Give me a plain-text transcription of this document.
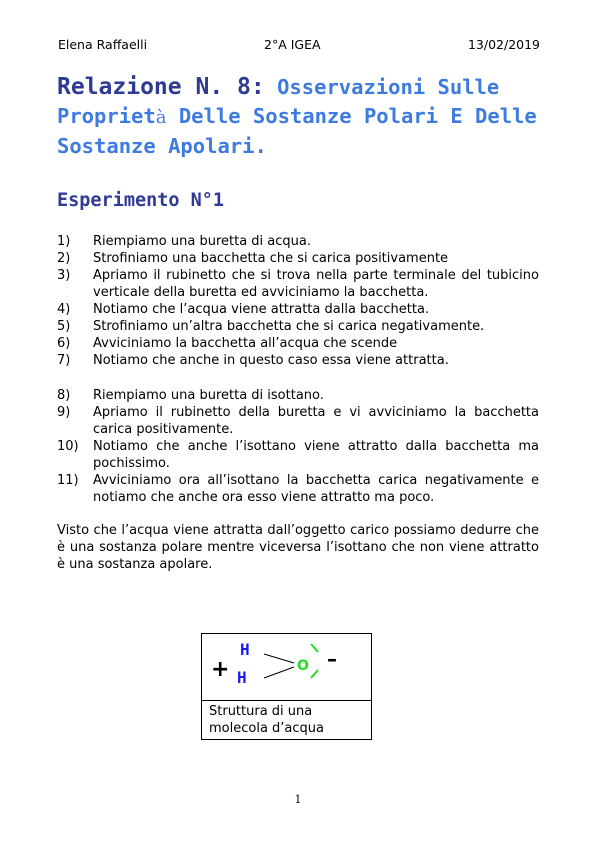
Elena Raffaelli	2°A IGEA	13/02/2019
Relazione N. 8: Osservazioni Sulle Proprietà Delle Sostanze Polari E Delle Sostanze Apolari.
Esperimento N°1
1) Riempiamo una buretta di acqua.
2) Strofiniamo una bacchetta che si carica positivamente
3) Apriamo il rubinetto che si trova nella parte terminale del tubicino verticale della buretta ed avviciniamo la bacchetta.
4) Notiamo che l’acqua viene attratta dalla bacchetta.
5) Strofiniamo un’altra bacchetta che si carica negativamente.
6) Avviciniamo la bacchetta all’acqua che scende
7) Notiamo che anche in questo caso essa viene attratta.
8) Riempiamo una buretta di isottano.
9) Apriamo il rubinetto della buretta e vi avviciniamo la bacchetta carica positivamente.
10) Notiamo che anche l’isottano viene attratto dalla bacchetta ma pochissimo.
11) Avviciniamo ora all’isottano la bacchetta carica negativamente e notiamo che anche ora esso viene attratto ma poco.

Visto che l’acqua viene attratta dall’oggetto carico possiamo dedurre che è una sostanza polare mentre viceversa l’isottano che non viene attratto è una sostanza apolare.

+
H
H
O –
Struttura di una molecola d’acqua
1
